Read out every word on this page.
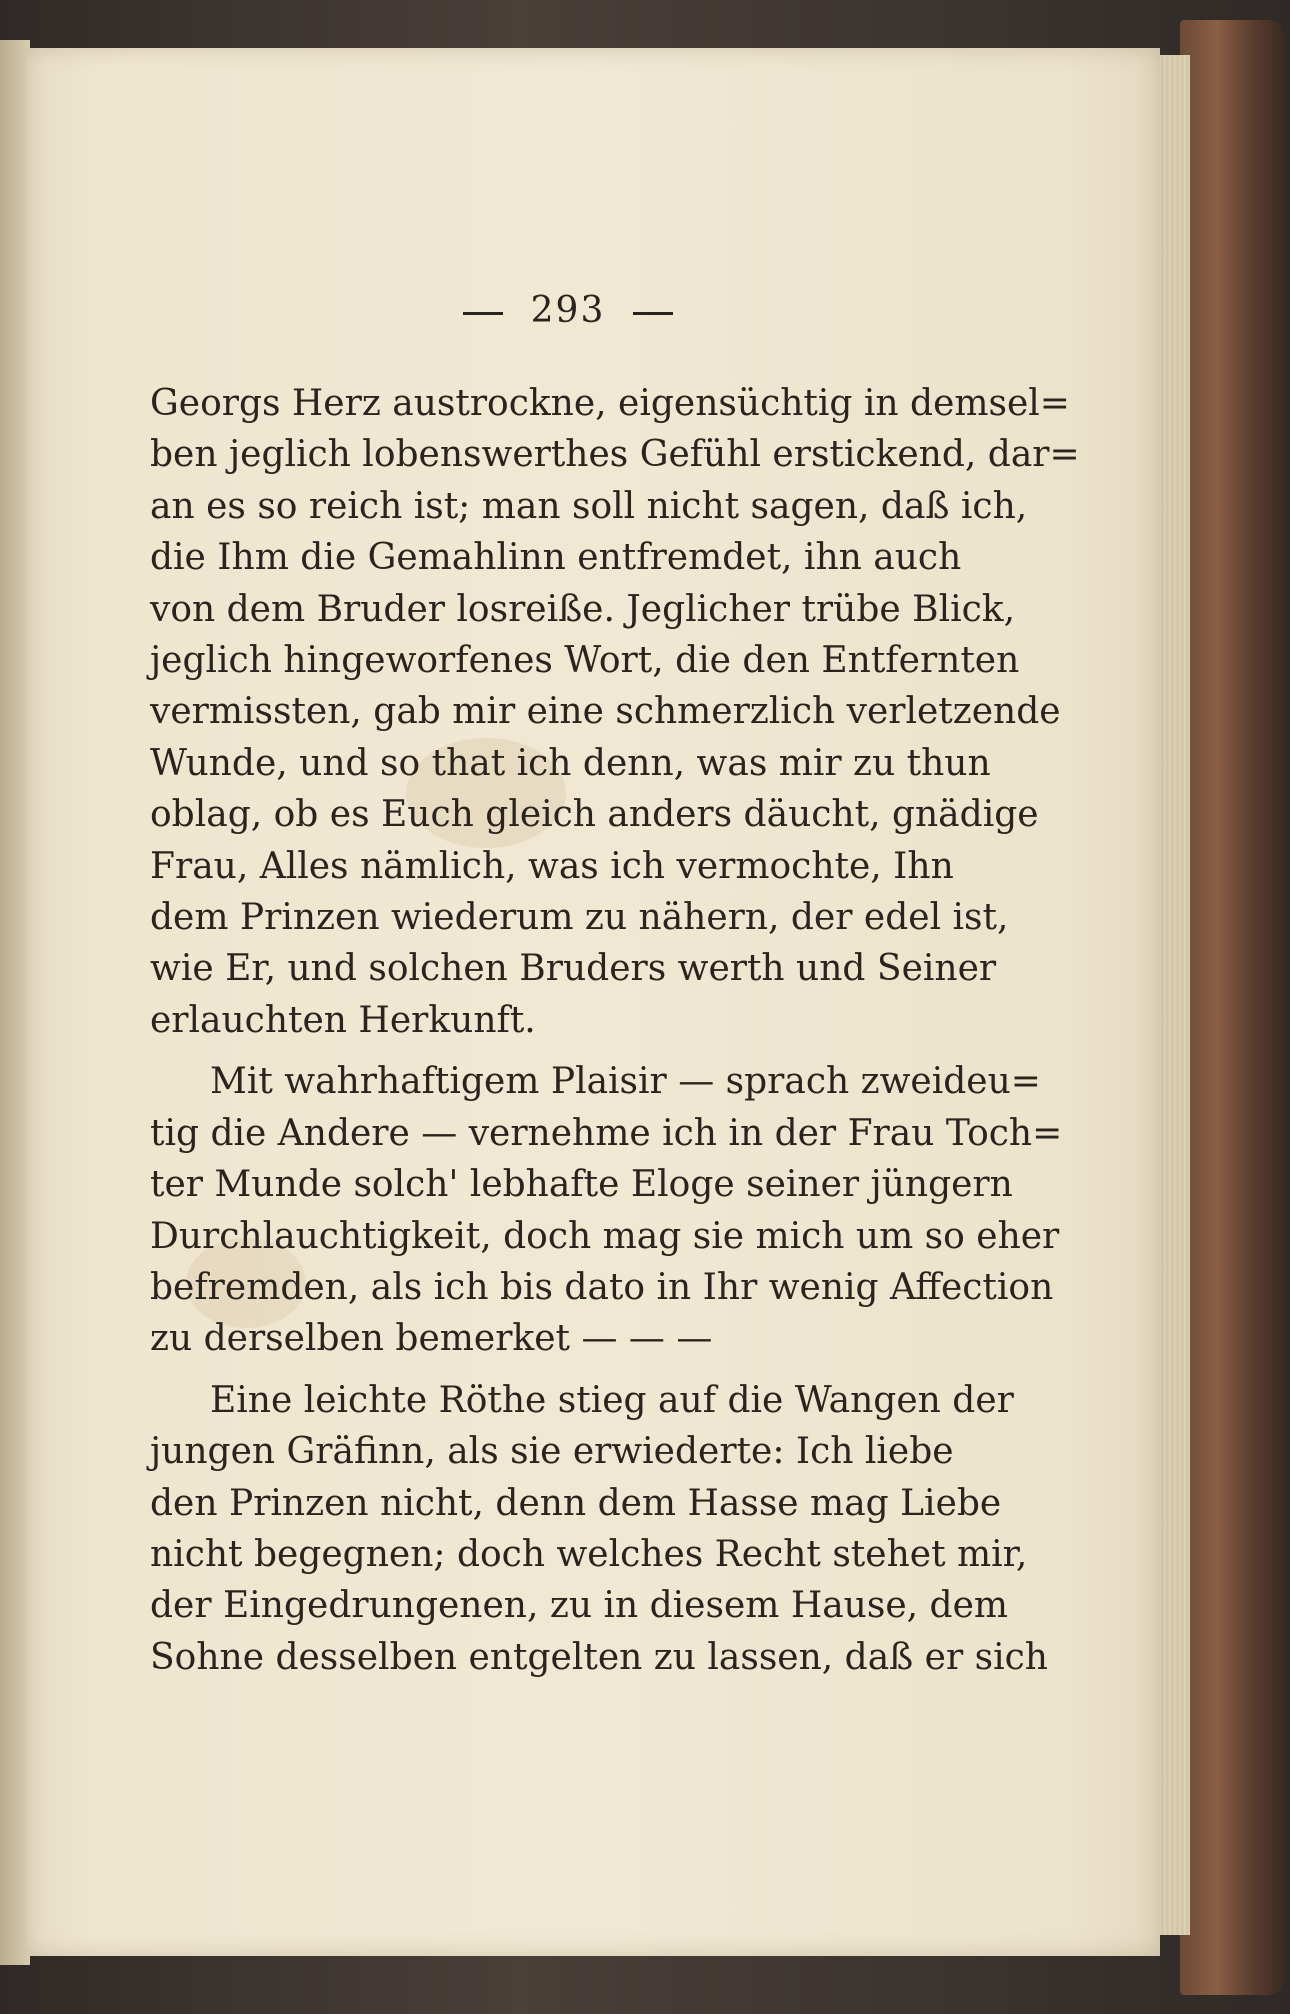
293
Georgs Herz austrockne, eigensüchtig in demsel=
ben jeglich lobenswerthes Gefühl erstickend, dar=
an es so reich ist; man soll nicht sagen, daß ich,
die Ihm die Gemahlinn entfremdet, ihn auch
von dem Bruder losreiße. Jeglicher trübe Blick,
jeglich hingeworfenes Wort, die den Entfernten
vermissten, gab mir eine schmerzlich verletzende
Wunde, und so that ich denn, was mir zu thun
oblag, ob es Euch gleich anders däucht, gnädige
Frau, Alles nämlich, was ich vermochte, Ihn
dem Prinzen wiederum zu nähern, der edel ist,
wie Er, und solchen Bruders werth und Seiner
erlauchten Herkunft.
Mit wahrhaftigem Plaisir — sprach zweideu=
tig die Andere — vernehme ich in der Frau Toch=
ter Munde solch' lebhafte Eloge seiner jüngern
Durchlauchtigkeit, doch mag sie mich um so eher
befremden, als ich bis dato in Ihr wenig Affection
zu derselben bemerket — — —
Eine leichte Röthe stieg auf die Wangen der
jungen Gräfinn, als sie erwiederte: Ich liebe
den Prinzen nicht, denn dem Hasse mag Liebe
nicht begegnen; doch welches Recht stehet mir,
der Eingedrungenen, zu in diesem Hause, dem
Sohne desselben entgelten zu lassen, daß er sich
